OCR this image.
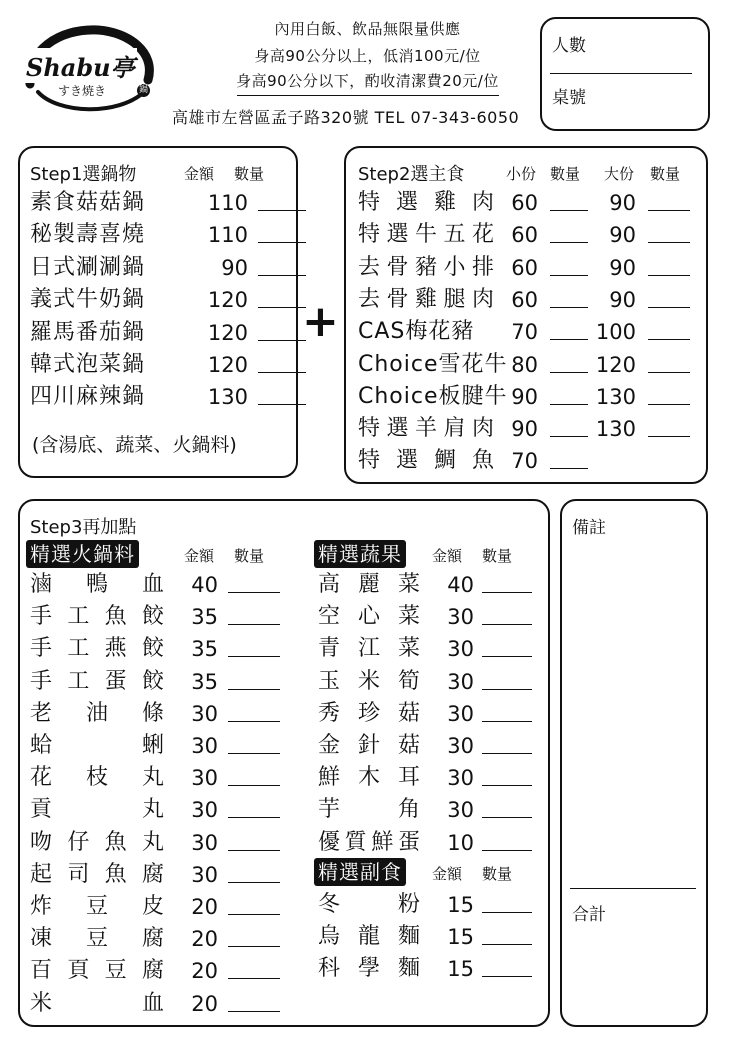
Shabu亭
すき焼き	鍋
內用白飯、飲品無限量供應
身高90公分以上，低消100元/位
身高90公分以下，酌收清潔費20元/位
高雄市左營區孟子路320號 TEL 07-343-6050
人數
桌號
Step1選鍋物	金額 數量
素食菇菇鍋	110
秘製壽喜燒	110
日式涮涮鍋	90
義式牛奶鍋	120
羅馬番茄鍋	120
韓式泡菜鍋	120
四川麻辣鍋	130
(含湯底、蔬菜、火鍋料)
+
Step2選主食	小份 數量 大份 數量
特選雞肉 60	90
特選牛五花 60	90
去骨豬小排 60	90
去骨雞腿肉 60	90
CAS梅花豬 70	100
Choice雪花牛 80	120
Choice板腱牛 90	130
特選羊肩肉 90	130
特選鯛魚 70
Step3再加點
精選火鍋料	金額 數量
滷鴨血	40
手工魚餃	35
手工燕餃	35
手工蛋餃	35
老油條	30
蛤蜊	30
花枝丸	30
貢丸	30
吻仔魚丸	30
起司魚腐	30
炸豆皮	20
凍豆腐	20
百頁豆腐	20
米血	20
精選蔬果 金額 數量
高麗菜	40
空心菜	30
青江菜	30
玉米筍	30
秀珍菇	30
金針菇	30
鮮木耳	30
芋角	30
優質鮮蛋	10
精選副食 金額 數量
冬粉	15
烏龍麵	15
科學麵	15
備註
合計
